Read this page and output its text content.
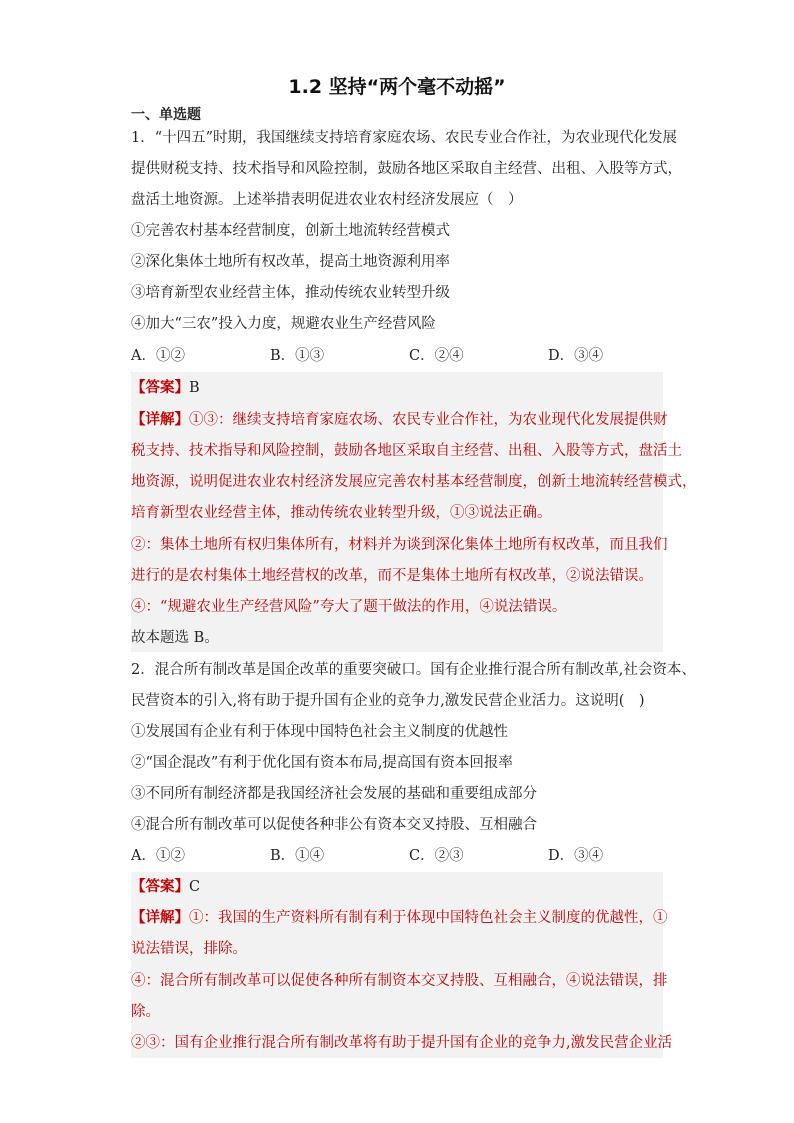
1.2 坚持“两个毫不动摇”
一、单选题
1．“十四五”时期，我国继续支持培育家庭农场、农民专业合作社，为农业现代化发展
提供财税支持、技术指导和风险控制，鼓励各地区采取自主经营、出租、入股等方式，
盘活土地资源。上述举措表明促进农业农村经济发展应（　）
①完善农村基本经营制度，创新土地流转经营模式
②深化集体土地所有权改革，提高土地资源利用率
③培育新型农业经营主体，推动传统农业转型升级
④加大“三农”投入力度，规避农业生产经营风险
A．①②	B．①③	C．②④	D．③④
【答案】B
【详解】①③：继续支持培育家庭农场、农民专业合作社，为农业现代化发展提供财
税支持、技术指导和风险控制，鼓励各地区采取自主经营、出租、入股等方式，盘活土
地资源，说明促进农业农村经济发展应完善农村基本经营制度，创新土地流转经营模式，
培育新型农业经营主体，推动传统农业转型升级，①③说法正确。
②：集体土地所有权归集体所有，材料并为谈到深化集体土地所有权改革，而且我们
进行的是农村集体土地经营权的改革，而不是集体土地所有权改革，②说法错误。
④：“规避农业生产经营风险”夸大了题干做法的作用，④说法错误。
故本题选 B。
2．混合所有制改革是国企改革的重要突破口。国有企业推行混合所有制改革,社会资本、
民营资本的引入,将有助于提升国有企业的竞争力,激发民营企业活力。这说明(　)
①发展国有企业有利于体现中国特色社会主义制度的优越性
②“国企混改”有利于优化国有资本布局,提高国有资本回报率
③不同所有制经济都是我国经济社会发展的基础和重要组成部分
④混合所有制改革可以促使各种非公有资本交叉持股、互相融合
A．①②	B．①④	C．②③	D．③④
【答案】C
【详解】①：我国的生产资料所有制有利于体现中国特色社会主义制度的优越性，①
说法错误，排除。
④：混合所有制改革可以促使各种所有制资本交叉持股、互相融合，④说法错误，排
除。
②③：国有企业推行混合所有制改革将有助于提升国有企业的竞争力,激发民营企业活
